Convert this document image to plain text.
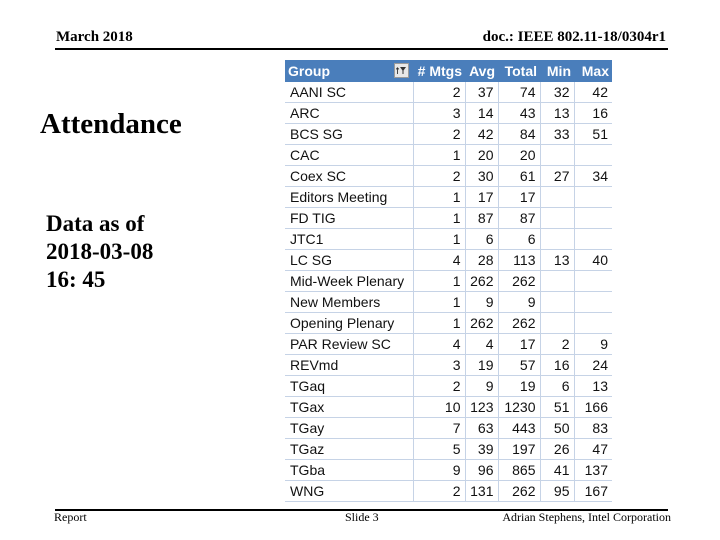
March 2018	doc.: IEEE 802.11-18/0304r1
Attendance
Data as of
2018-03-08
16: 45
Group	# Mtgs	Avg	Total	Min	Max
AANI SC	2	37	74	32	42
ARC	3	14	43	13	16
BCS SG	2	42	84	33	51
CAC	1	20	20		
Coex SC	2	30	61	27	34
Editors Meeting	1	17	17		
FD TIG	1	87	87		
JTC1	1	6	6		
LC SG	4	28	113	13	40
Mid-Week Plenary	1	262	262		
New Members	1	9	9		
Opening Plenary	1	262	262		
PAR Review SC	4	4	17	2	9
REVmd	3	19	57	16	24
TGaq	2	9	19	6	13
TGax	10	123	1230	51	166
TGay	7	63	443	50	83
TGaz	5	39	197	26	47
TGba	9	96	865	41	137
WNG	2	131	262	95	167
Report	Slide 3	Adrian Stephens, Intel Corporation
